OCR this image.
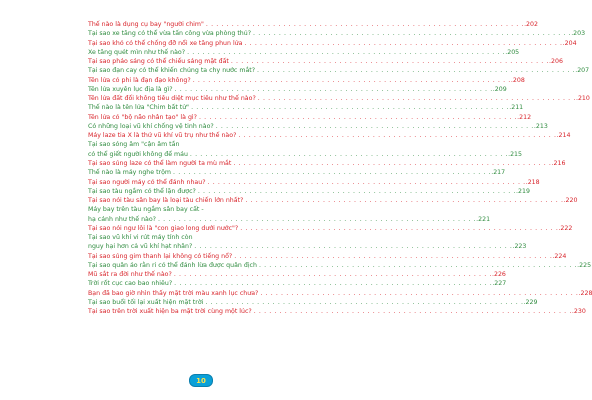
Thế nào là dụng cụ bay "người chim" . . .	.202
Tại sao xe tăng có thể vừa tấn công vừa phòng thủ? . . .	.203
Tại sao khó có thể chống đỡ nổi xe tăng phun lửa . . .	.204
Xe tăng quét mìn như thế nào? . . .	.205
Tại sao pháo sáng có thể chiếu sáng mặt đất . . .	.206
Tại sao đạn cay có thể khiến chúng ta chy nước mắt? . . .	.207
Tên lửa có phi là đạn đạo không? . . .	.208
Tên lửa xuyên lục địa là gì? . . .	.209
Tên lửa đất đối không tiêu diệt mục tiêu như thế nào? . . .	.210
Thế nào là tên lửa "Chim bất tử" . . .	.211
Tên lửa có "bộ não nhân tạo" là gì? . . .	.212
Có những loại vũ khí chống vệ tinh nào? . . .	.213
Máy laze tia X là thứ vũ khí vũ trụ như thế nào? . . .	.214
Tại sao sóng âm "cận âm tần
có thể giết người không để máu . . .	.215
Tại sao súng laze có thể làm người ta mù mắt . . .	.216
Thế nào là máy nghe trộm . . .	.217
Tại sao người máy có thể đánh nhau? . . .	.218
Tại sao tàu ngầm có thể lặn được? . . .	.219
Tại sao nói tàu sân bay là loại tàu chiến lớn nhất? . . .	.220
Máy bay trên tàu ngầm sân bay cất -
hạ cánh như thế nào? . . .	.221
Tại sao nói ngư lôi là "con giao long dưới nước"? . . .	.222
Tại sao vũ khí vi rút máy tính còn
nguy hại hơn cả vũ khí hạt nhân? . . .	.223
Tại sao súng gim thanh lại không có tiếng nổ? . . .	.224
Tại sao quân áo rằn ri có thể đánh lừa được quân địch . . .	.225
Mũ sắt ra đời như thế nào? . . .	.226
Trời rốt cục cao bao nhiêu? . . .	.227
Bạn đã bao giờ nhìn thấy mặt trời màu xanh lục chưa? . . .	.228
Tại sao buổi tối lại xuất hiện mặt trời . . .	.229
Tại sao trên trời xuất hiện ba mặt trời cùng một lúc? . . .	.230
10
